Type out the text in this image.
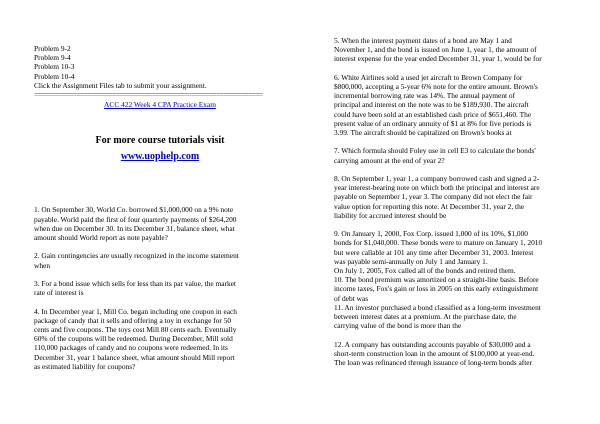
Problem 9-2
Problem 9-4
Problem 10-3
Problem 10-4
Click the Assignment Files tab to submit your assignment.
================================================================
ACC 422 Week 4 CPA Practice Exam
For more course tutorials visit
www.uophelp.com
1. On September 30, World Co. borrowed $1,000,000 on a 9% note
payable. World paid the first of four quarterly payments of $264,200
when due on December 30. In its December 31, balance sheet, what
amount should World report as note payable?
2. Gain contingencies are usually recognized in the income statement
when
3. For a bond issue which sells for less than its par value, the market
rate of interest is
4. In December year 1, Mill Co. began including one coupon in each
package of candy that it sells and offering a toy in exchange for 50
cents and five coupons. The toys cost Mill 80 cents each. Eventually
60% of the coupons will be redeemed. During December, Mill sold
110,000 packages of candy and no coupons were redeemed. In its
December 31, year 1 balance sheet, what amount should Mill report
as estimated liability for coupons?
5. When the interest payment dates of a bond are May 1 and
November 1, and the bond is issued on June 1, year 1, the amount of
interest expense for the year ended December 31, year 1, would be for
6. White Airlines sold a used jet aircraft to Brown Company for
$800,000, accepting a 5-year 6% note for the entire amount. Brown's
incremental borrowing rate was 14%. The annual payment of
principal and interest on the note was to be $189,930. The aircraft
could have been sold at an established cash price of $651,460. The
present value of an ordinary annuity of $1 at 8% for five periods is
3.99. The aircraft should be capitalized on Brown's books at
7. Which formula should Foley use in cell E3 to calculate the bonds'
carrying amount at the end of year 2?
8. On September 1, year 1, a company borrowed cash and signed a 2-
year interest-bearing note on which both the principal and interest are
payable on September 1, year 3. The company did not elect the fair
value option for reporting this note. At December 31, year 2, the
liability for accrued interest should be
9. On January 1, 2000, Fox Corp. issued 1,000 of its 10%, $1,000
bonds for $1,040,000. These bonds were to mature on January 1, 2010
but were callable at 101 any time after December 31, 2003. Interest
was payable semi-annually on July 1 and January 1.
On July 1, 2005, Fox called all of the bonds and retired them.
10. The bond premium was amortized on a straight-line basis. Before
income taxes, Fox's gain or loss in 2005 on this early extinguishment
of debt was
11. An investor purchased a bond classified as a long-term investment
between interest dates at a premium. At the purchase date, the
carrying value of the bond is more than the
12. A company has outstanding accounts payable of $30,000 and a
short-term construction loan in the amount of $100,000 at year-end.
The loan was refinanced through issuance of long-term bonds after
